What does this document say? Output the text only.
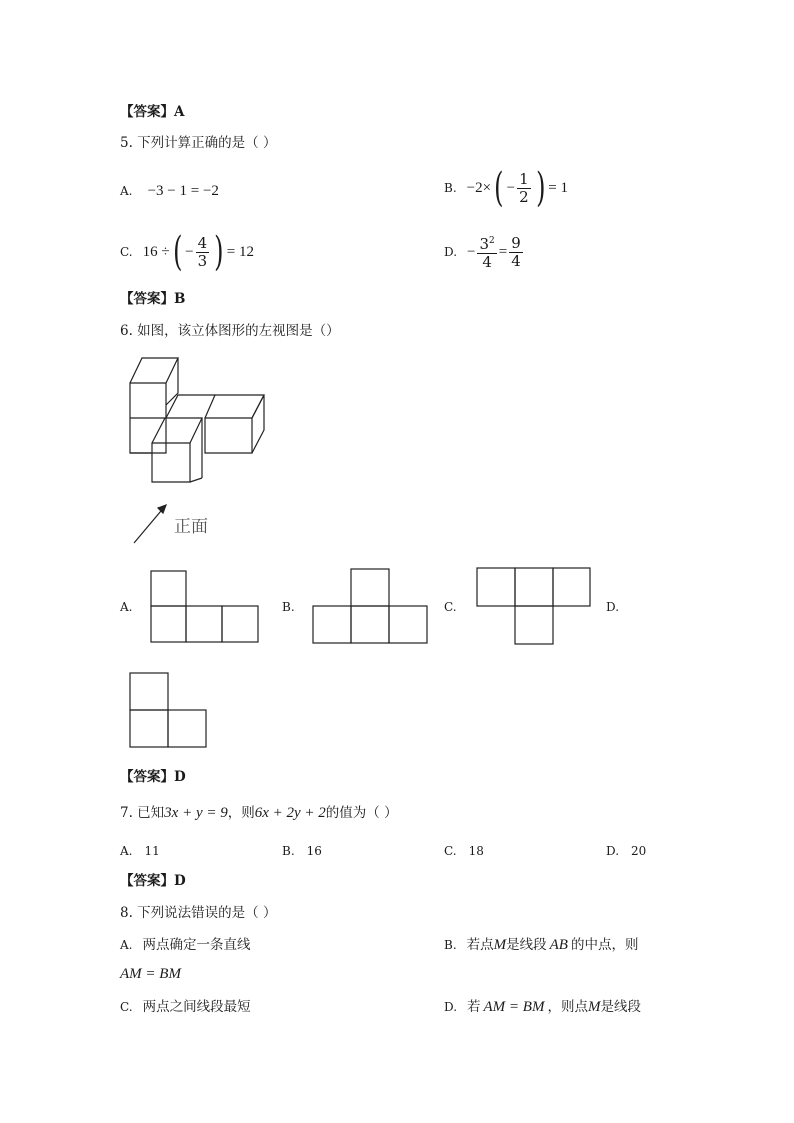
【答案】A
5. 下列计算正确的是（ ）
A. −3 − 1 = −2	B. −2× ( − $\frac{1}{2}$ ) = 1
C. 16 ÷ ( − $\frac{4}{3}$ ) = 12	D. − $\frac{3^2}{4} = \frac{9}{4}$
【答案】B
6. 如图，该立体图形的左视图是（）
正面
A.	B.	C.	D.
【答案】D
7. 已知3x + y = 9，则6x + 2y + 2的值为（ ）
A. 11	B. 16	C. 18	D. 20
【答案】D
8. 下列说法错误的是（ ）
A. 两点确定一条直线	B. 若点M是线段 AB 的中点，则
AM = BM
C. 两点之间线段最短	D. 若 AM = BM ，则点M是线段
